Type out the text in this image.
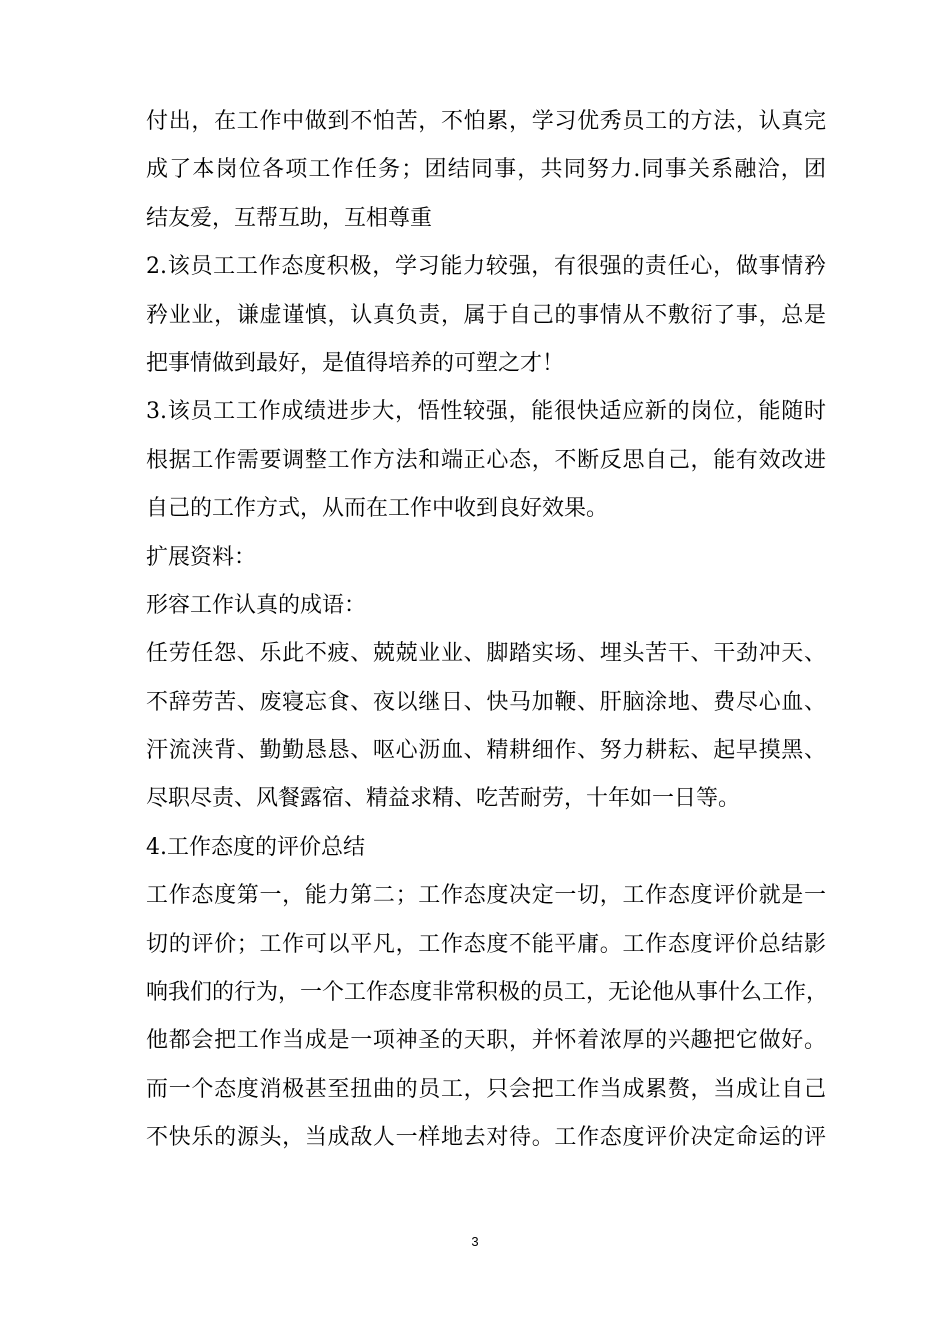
付出，在工作中做到不怕苦，不怕累，学习优秀员工的方法，认真完
成了本岗位各项工作任务；团结同事，共同努力.同事关系融洽，团
结友爱，互帮互助，互相尊重
2.该员工工作态度积极，学习能力较强，有很强的责任心，做事情矜
矜业业，谦虚谨慎，认真负责，属于自己的事情从不敷衍了事，总是
把事情做到最好，是值得培养的可塑之才！
3.该员工工作成绩进步大，悟性较强，能很快适应新的岗位，能随时
根据工作需要调整工作方法和端正心态，不断反思自己，能有效改进
自己的工作方式，从而在工作中收到良好效果。
扩展资料：
形容工作认真的成语：
任劳任怨、乐此不疲、兢兢业业、脚踏实场、埋头苦干、干劲冲天、
不辞劳苦、废寝忘食、夜以继日、快马加鞭、肝脑涂地、费尽心血、
汗流浃背、勤勤恳恳、呕心沥血、精耕细作、努力耕耘、起早摸黑、
尽职尽责、风餐露宿、精益求精、吃苦耐劳，十年如一日等。
4.工作态度的评价总结
工作态度第一，能力第二；工作态度决定一切，工作态度评价就是一
切的评价；工作可以平凡，工作态度不能平庸。工作态度评价总结影
响我们的行为，一个工作态度非常积极的员工，无论他从事什么工作，
他都会把工作当成是一项神圣的天职，并怀着浓厚的兴趣把它做好。
而一个态度消极甚至扭曲的员工，只会把工作当成累赘，当成让自己
不快乐的源头，当成敌人一样地去对待。工作态度评价决定命运的评
3
